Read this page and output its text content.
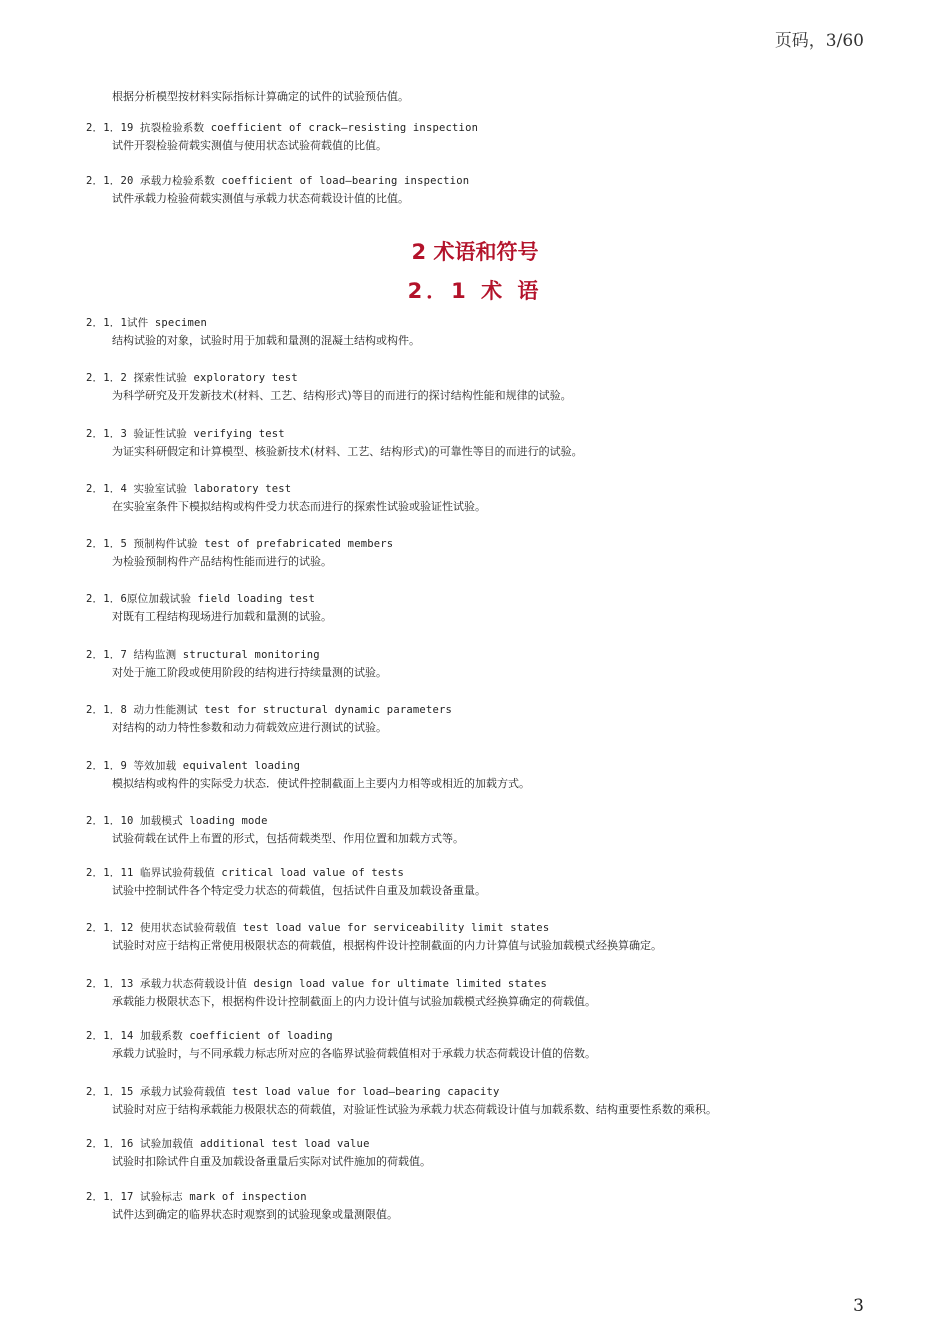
页码，3/60
根据分析模型按材料实际指标计算确定的试件的试验预估值。
2．1．19 抗裂检验系数 coefficient of crack—resisting inspection
试件开裂检验荷载实测值与使用状态试验荷载值的比值。
2．1．20 承载力检验系数 coefficient of load—bearing inspection
试件承载力检验荷载实测值与承载力状态荷载设计值的比值。
2 术语和符号
2．1 术 语
2．1．1试件 specimen
结构试验的对象，试验时用于加载和量测的混凝土结构或构件。
2．1．2 探索性试验 exploratory test
为科学研究及开发新技术(材料、工艺、结构形式)等目的而进行的探讨结构性能和规律的试验。
2．1．3 验证性试验 verifying test
为证实科研假定和计算模型、核验新技术(材料、工艺、结构形式)的可靠性等目的而进行的试验。
2．1．4 实验室试验 laboratory test
在实验室条件下模拟结构或构件受力状态而进行的探索性试验或验证性试验。
2．1．5 预制构件试验 test of prefabricated members
为检验预制构件产品结构性能而进行的试验。
2．1．6原位加载试验 field loading test
对既有工程结构现场进行加载和量测的试验。
2．1．7 结构监测 structural monitoring
对处于施工阶段或使用阶段的结构进行持续量测的试验。
2．1．8 动力性能测试 test for structural dynamic parameters
对结构的动力特性参数和动力荷载效应进行测试的试验。
2．1．9 等效加载 equivalent loading
模拟结构或构件的实际受力状态．使试件控制截面上主要内力相等或相近的加载方式。
2．1．10 加载模式 loading mode
试验荷载在试件上布置的形式，包括荷载类型、作用位置和加载方式等。
2．1．11 临界试验荷载值 critical load value of tests
试验中控制试件各个特定受力状态的荷载值，包括试件自重及加载设备重量。
2．1．12 使用状态试验荷载值 test load value for serviceability limit states
试验时对应于结构正常使用极限状态的荷载值，根据构件设计控制截面的内力计算值与试验加载模式经换算确定。
2．1．13 承载力状态荷载设计值 design load value for ultimate limited states
承载能力极限状态下，根据构件设计控制截面上的内力设计值与试验加载模式经换算确定的荷载值。
2．1．14 加载系数 coefficient of loading
承载力试验时，与不同承载力标志所对应的各临界试验荷载值相对于承载力状态荷载设计值的倍数。
2．1．15 承载力试验荷载值 test load value for load—bearing capacity
试验时对应于结构承载能力极限状态的荷载值，对验证性试验为承载力状态荷载设计值与加载系数、结构重要性系数的乘积。
2．1．16 试验加载值 additional test load value
试验时扣除试件自重及加载设备重量后实际对试件施加的荷载值。
2．1．17 试验标志 mark of inspection
试件达到确定的临界状态时观察到的试验现象或量测限值。
3
